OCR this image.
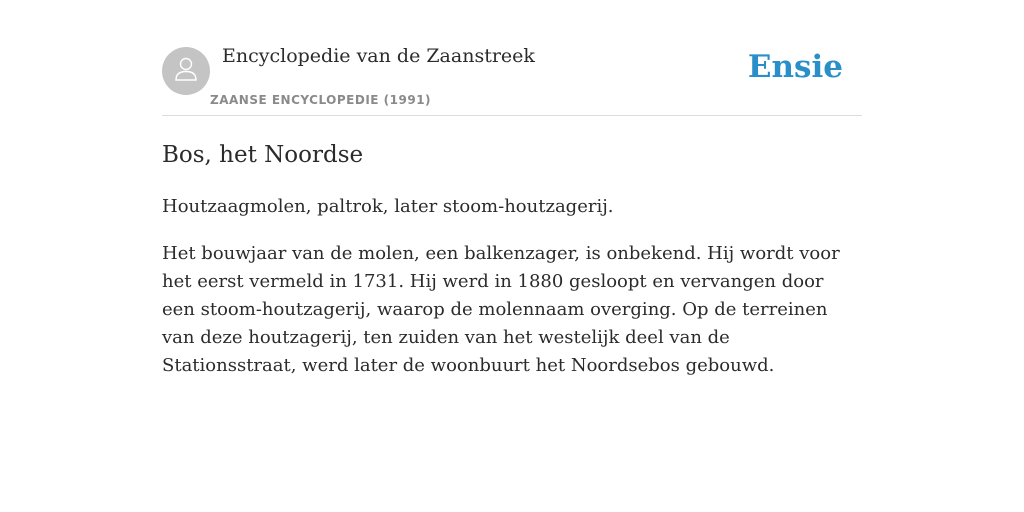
Encyclopedie van de Zaanstreek
ZAANSE ENCYCLOPEDIE (1991)
Ensie
Bos, het Noordse

Houtzaagmolen, paltrok, later stoom-houtzagerij.

Het bouwjaar van de molen, een balkenzager, is onbekend. Hij wordt voor het eerst vermeld in 1731. Hij werd in 1880 gesloopt en vervangen door een stoom-houtzagerij, waarop de molennaam overging. Op de terreinen van deze houtzagerij, ten zuiden van het westelijk deel van de Stationsstraat, werd later de woonbuurt het Noordsebos gebouwd.
